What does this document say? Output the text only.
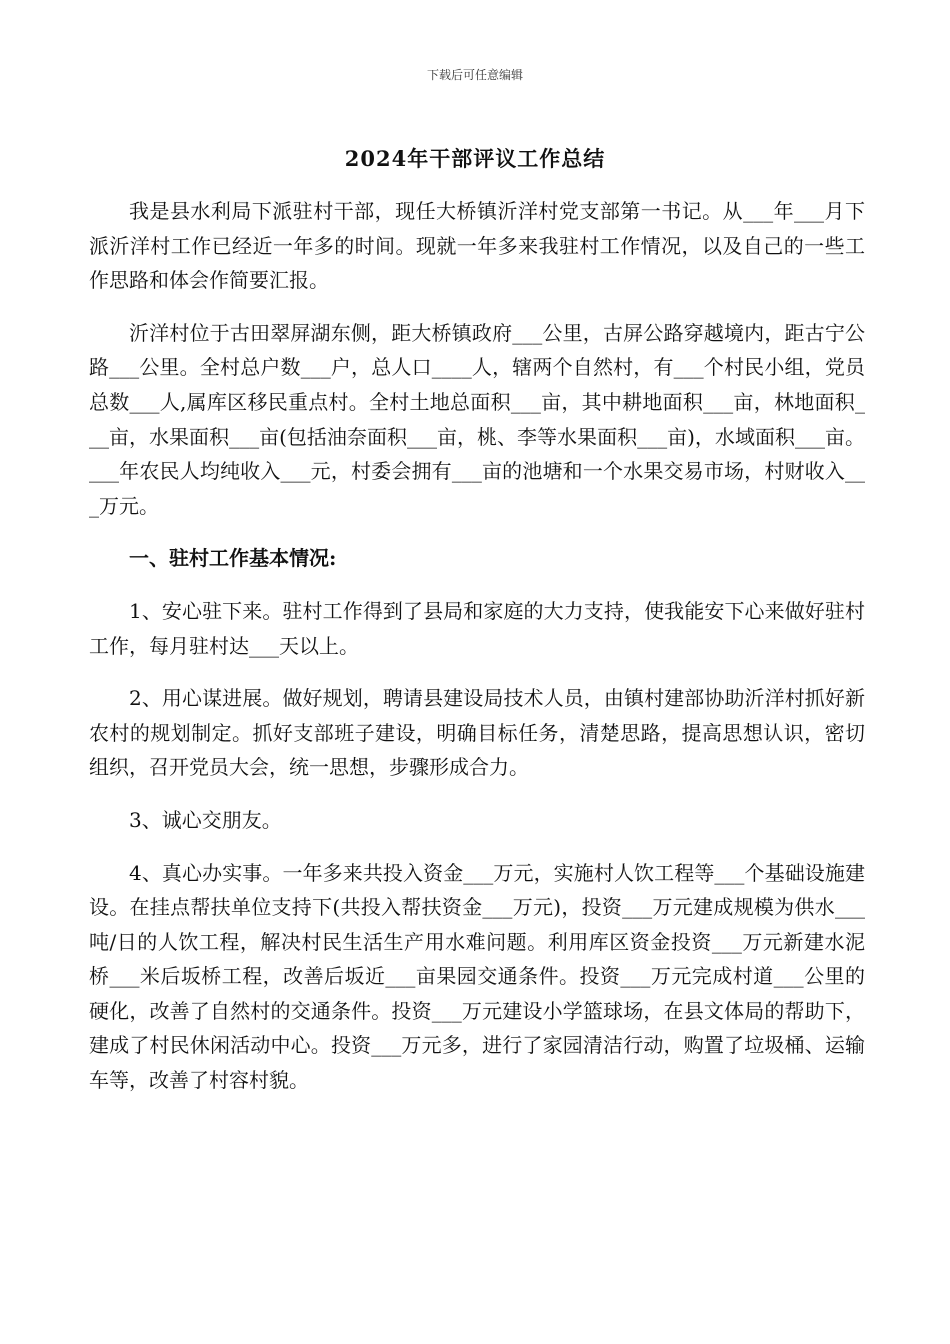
下载后可任意编辑
2024年干部评议工作总结

我是县水利局下派驻村干部，现任大桥镇沂洋村党支部第一书记。从___年___月下派沂洋村工作已经近一年多的时间。现就一年多来我驻村工作情况，以及自己的一些工作思路和体会作简要汇报。

沂洋村位于古田翠屏湖东侧，距大桥镇政府___公里，古屏公路穿越境内，距古宁公路___公里。全村总户数___户，总人口____人，辖两个自然村，有___个村民小组，党员总数___人,属库区移民重点村。全村土地总面积___亩，其中耕地面积___亩，林地面积___亩，水果面积___亩(包括油奈面积___亩，桃、李等水果面积___亩)，水域面积___亩。___年农民人均纯收入___元，村委会拥有___亩的池塘和一个水果交易市场，村财收入___万元。

一、驻村工作基本情况:

1、安心驻下来。驻村工作得到了县局和家庭的大力支持，使我能安下心来做好驻村工作，每月驻村达___天以上。

2、用心谋进展。做好规划，聘请县建设局技术人员，由镇村建部协助沂洋村抓好新农村的规划制定。抓好支部班子建设，明确目标任务，清楚思路，提高思想认识，密切组织，召开党员大会，统一思想，步骤形成合力。

3、诚心交朋友。

4、真心办实事。一年多来共投入资金___万元，实施村人饮工程等___个基础设施建设。在挂点帮扶单位支持下(共投入帮扶资金___万元)，投资___万元建成规模为供水___吨/日的人饮工程，解决村民生活生产用水难问题。利用库区资金投资___万元新建水泥桥___米后坂桥工程，改善后坂近___亩果园交通条件。投资___万元完成村道___公里的硬化，改善了自然村的交通条件。投资___万元建设小学篮球场，在县文体局的帮助下，建成了村民休闲活动中心。投资___万元多，进行了家园清洁行动，购置了垃圾桶、运输车等，改善了村容村貌。
